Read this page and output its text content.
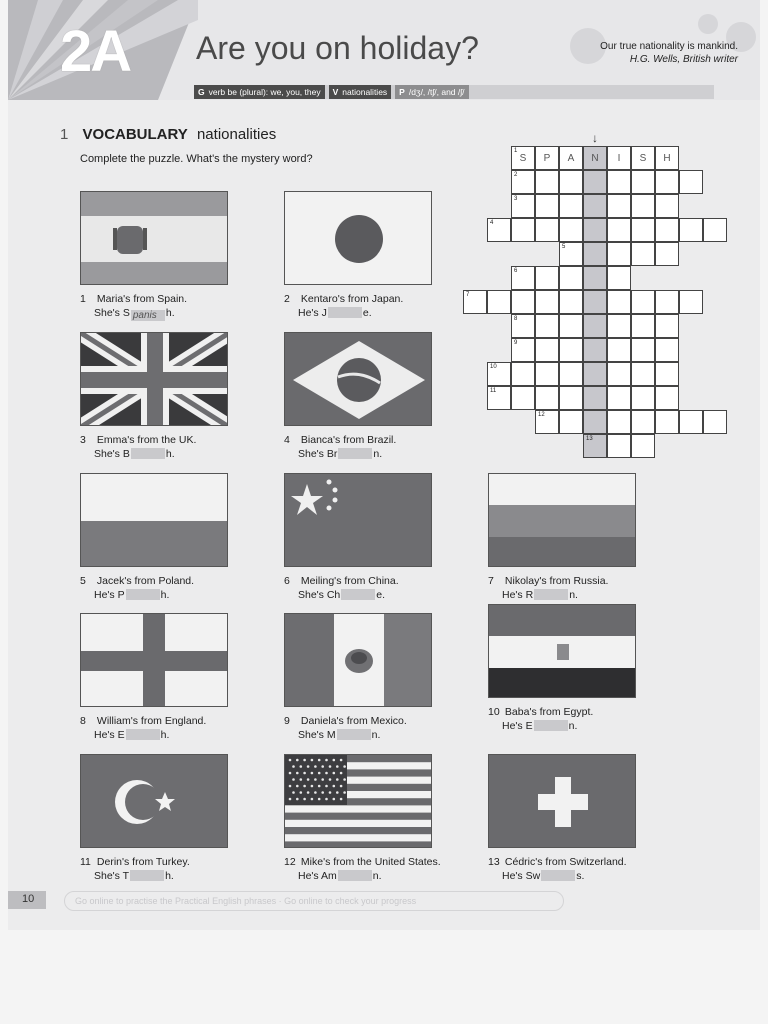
2A Are you on holiday?	Our true nationality is mankind.
H.G. Wells, British writer
G verb be (plural): we, you, they V nationalities P /dʒ/, /tʃ/, and /ʃ/
1 VOCABULARY nationalities
Complete the puzzle. What's the mystery word?
1 Maria's from Spain.
She's S panis h.
2 Kentaro's from Japan.
He's J	e.
3 Emma's from the UK.
She's B	h.
4 Bianca's from Brazil.
She's Br	n.
5 Jacek's from Poland.
He's P	h.
6 Meiling's from China.
She's Ch	e.
7 Nikolay's from Russia.
He's R	n.
8 William's from England.
He's E	h.
9 Daniela's from Mexico.
She's M	n.
10 Baba's from Egypt.
He's E	n.
11 Derin's from Turkey.
She's T	h.
12 Mike's from the United States.
He's Am	n.
13 Cédric's from Switzerland.
He's Sw	s.
1
S	P	A	N	I	S	H
2
3
4
5
6
7
8
9
10
11
12
13
↓
10	Go online to practise the Practical English phrases · Go online to check your progress
